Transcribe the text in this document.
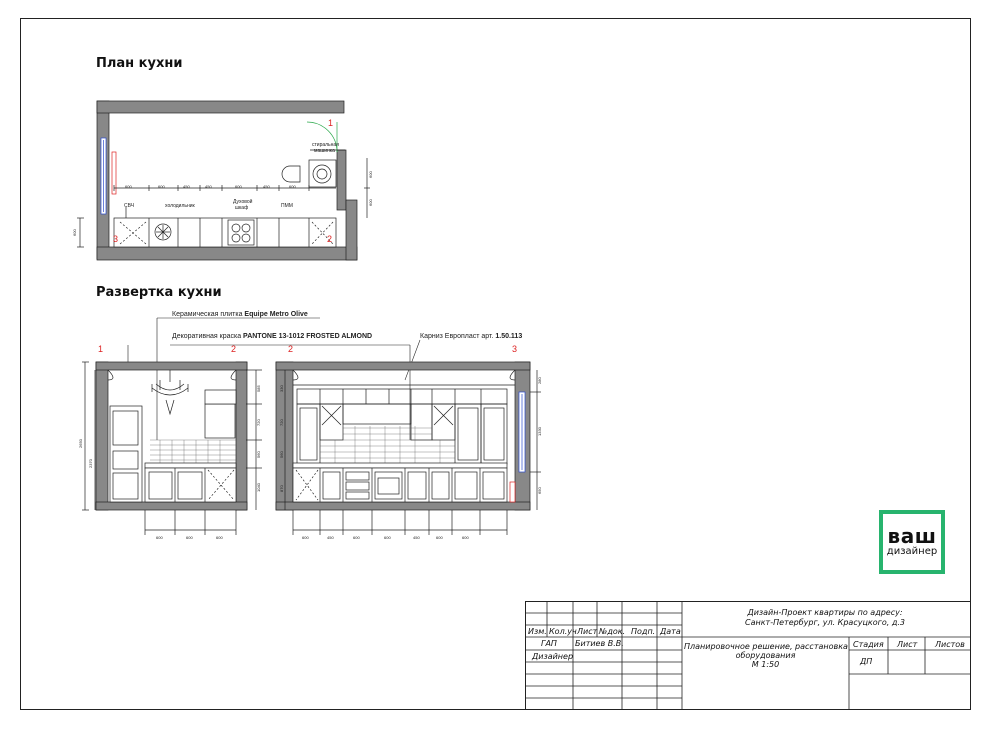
План кухни
Развертка кухни
600	600	450	450	600	450	600
СВЧ	холодильник
Духовой
шкаф	ПММ
стиральная
машинка
600
600
600
1
2
3
Керамическая плитка Equipe Metro Olive
Декоративная краска PANTONE 13-1012 FROSTED ALMOND	Карниз Европласт арт. 1.50.113
1	2	2	3
2650
2370
585
720
560
1040
600	600	600	600	450	600	600	450	600	600
280
1330
650
330
720
560
870
ваш
дизайнер
Дизайн-Проект квартиры по адресу:
Санкт-Петербург, ул. Красуцкого, д.3
Изм. Кол.уч Лист №док. Подп. Дата
ГАП Битиев В.В.
Дизайнер
Планировочное решение, расстановка
оборудования
М 1:50
Стадия Лист Листов
ДП
